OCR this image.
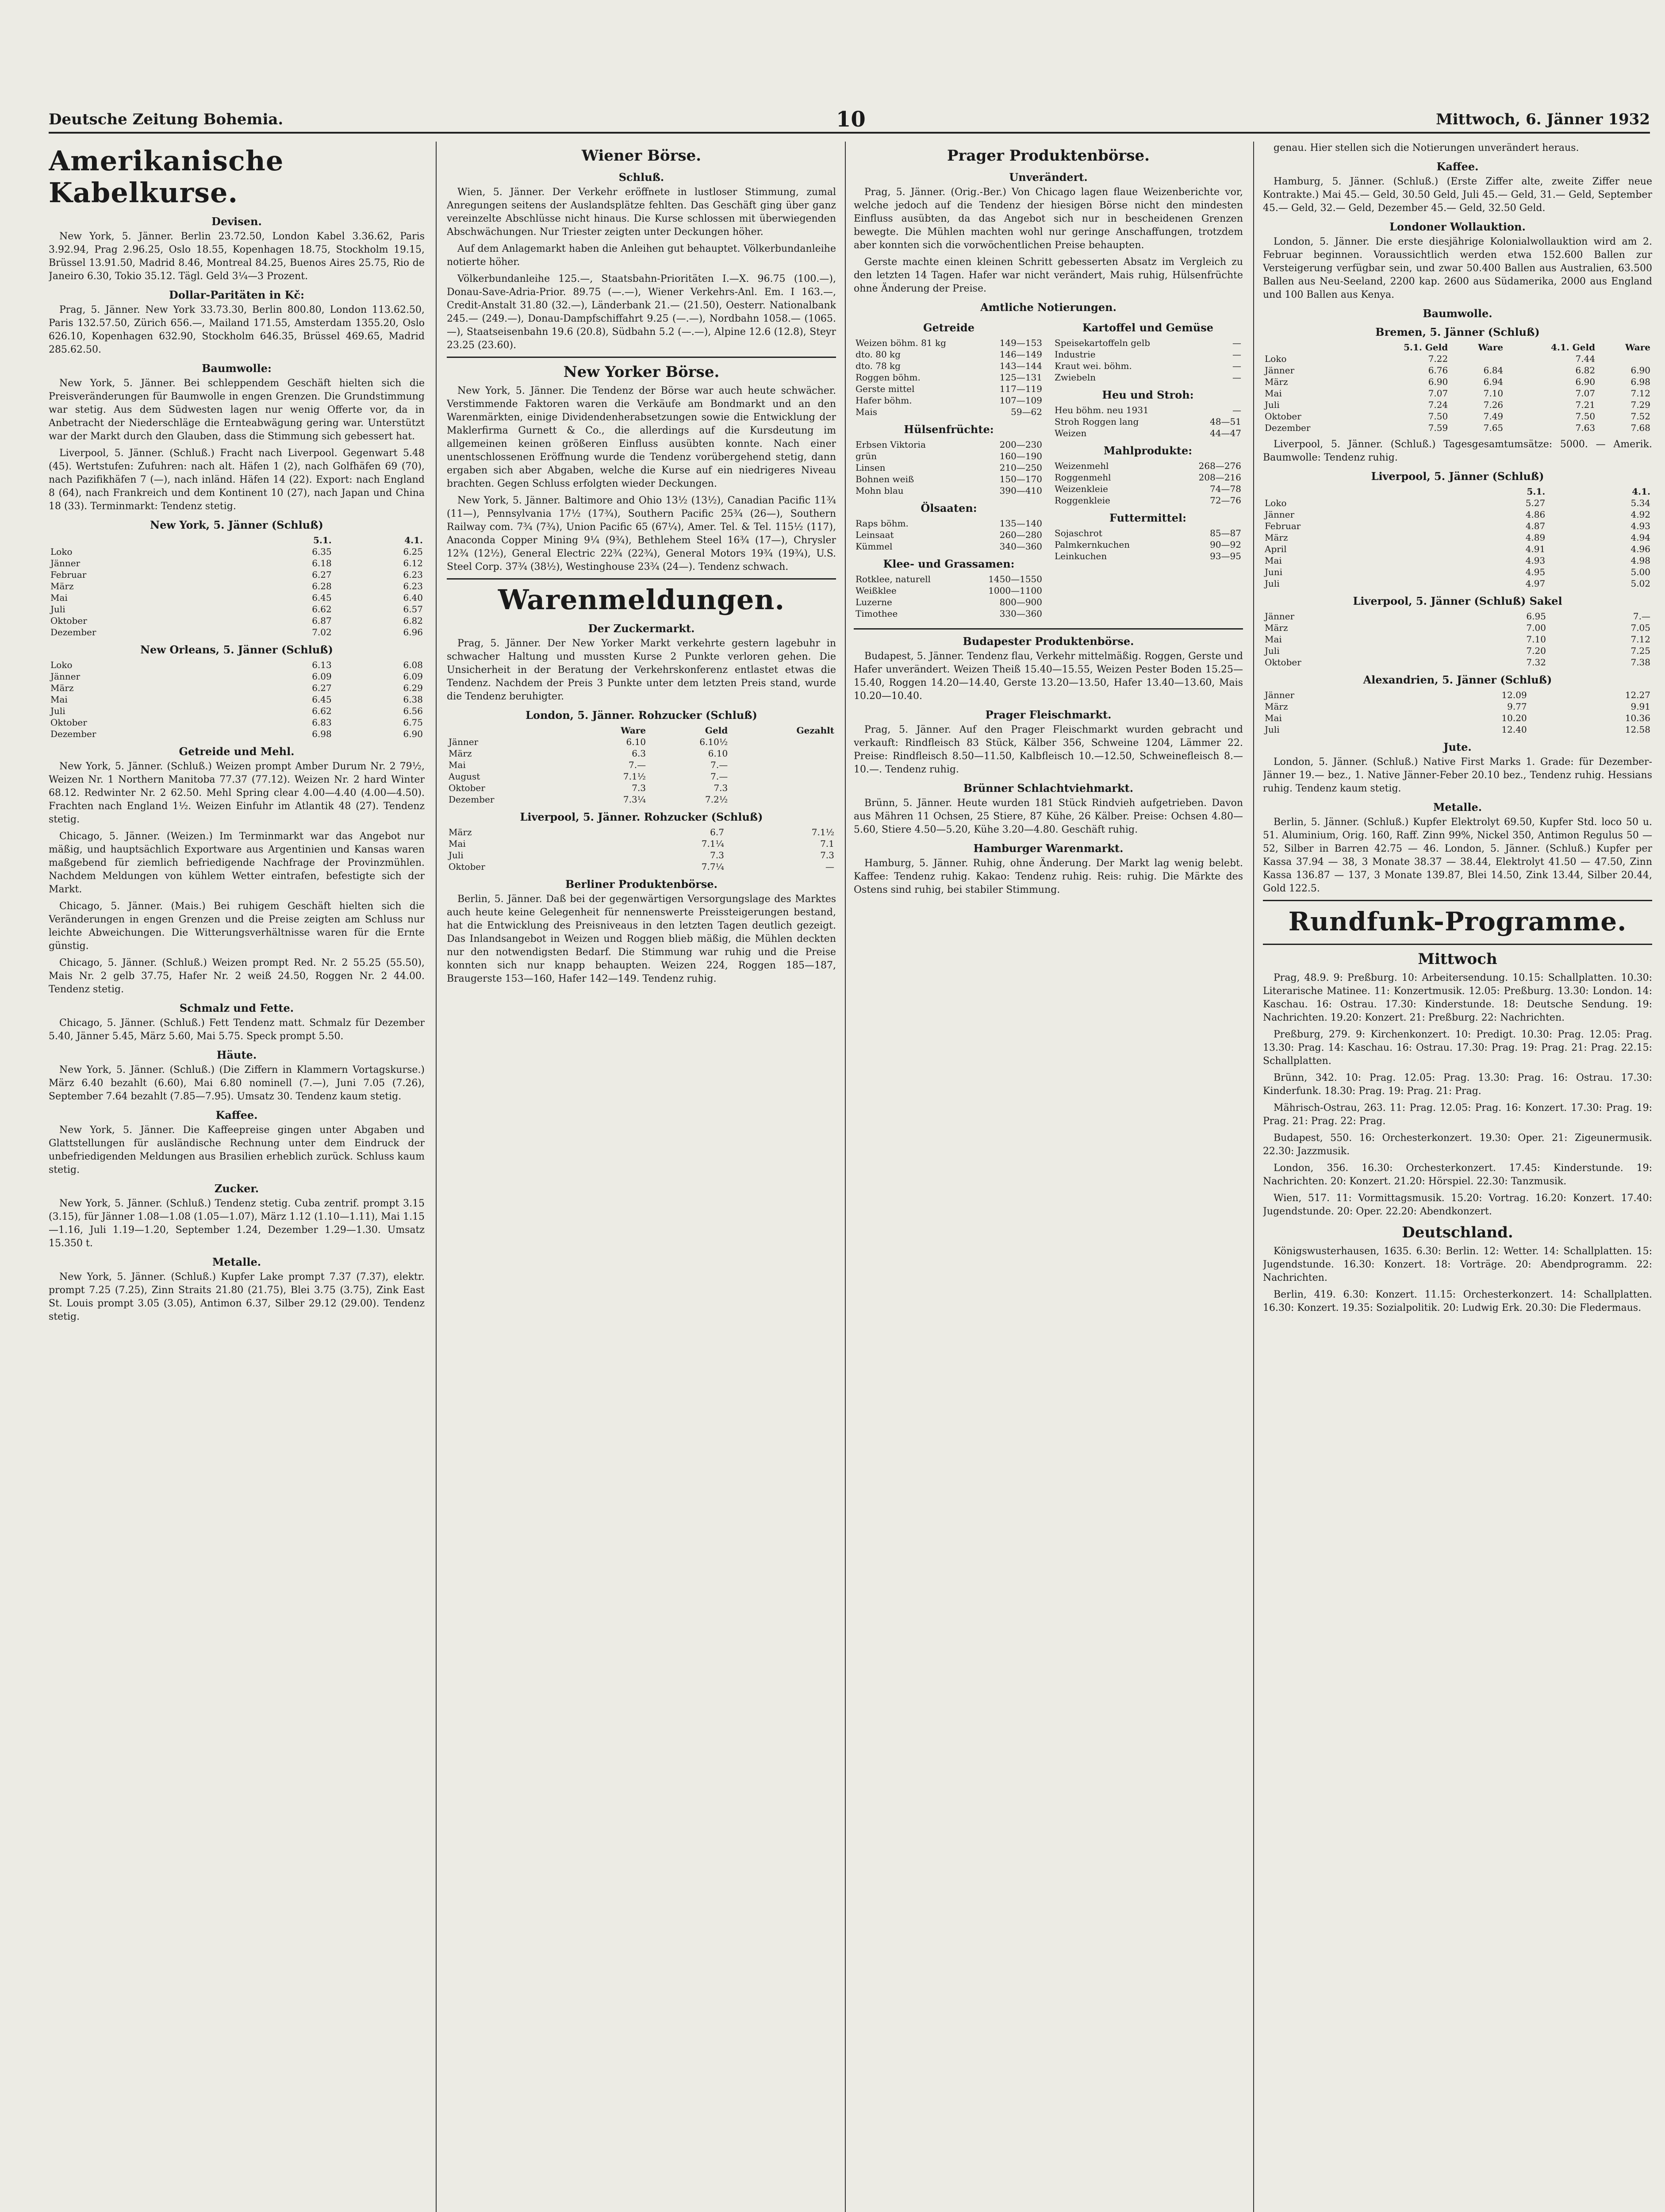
Deutsche Zeitung Bohemia.	10	Mittwoch, 6. Jänner 1932
Amerikanische Kabelkurse.
Devisen.

New York, 5. Jänner. Berlin 23.72.50, London Kabel 3.36.62, Paris 3.92.94, Prag 2.96.25, Oslo 18.55, Kopenhagen 18.75, Stockholm 19.15, Brüssel 13.91.50, Madrid 8.46, Montreal 84.25, Buenos Aires 25.75, Rio de Janeiro 6.30, Tokio 35.12. Tägl. Geld 3¼—3 Prozent.

Dollar-Paritäten in Kč:

Prag, 5. Jänner. New York 33.73.30, Berlin 800.80, London 113.62.50, Paris 132.57.50, Zürich 656.—, Mailand 171.55, Amsterdam 1355.20, Oslo 626.10, Kopenhagen 632.90, Stockholm 646.35, Brüssel 469.65, Madrid 285.62.50.

Baumwolle:

New York, 5. Jänner. Bei schleppendem Geschäft hielten sich die Preisveränderungen für Baumwolle in engen Grenzen. Die Grundstimmung war stetig. Aus dem Südwesten lagen nur wenig Offerte vor, da in Anbetracht der Niederschläge die Ernteabwägung gering war. Unterstützt war der Markt durch den Glauben, dass die Stimmung sich gebessert hat.

Liverpool, 5. Jänner. (Schluß.) Fracht nach Liverpool. Gegenwart 5.48 (45). Wertstufen: Zufuhren: nach alt. Häfen 1 (2), nach Golfhäfen 69 (70), nach Pazifikhäfen 7 (—), nach inländ. Häfen 14 (22). Export: nach England 8 (64), nach Frankreich und dem Kontinent 10 (27), nach Japan und China 18 (33). Terminmarkt: Tendenz stetig.

New York, 5. Jänner (Schluß)
	5.1.	4.1.
Loko	6.35	6.25
Jänner	6.18	6.12
Februar	6.27	6.23
März	6.28	6.23
Mai	6.45	6.40
Juli	6.62	6.57
Oktober	6.87	6.82
Dezember	7.02	6.96
New Orleans, 5. Jänner (Schluß)
Loko	6.13	6.08
Jänner	6.09	6.09
März	6.27	6.29
Mai	6.45	6.38
Juli	6.62	6.56
Oktober	6.83	6.75
Dezember	6.98	6.90
Getreide und Mehl.

New York, 5. Jänner. (Schluß.) Weizen prompt Amber Durum Nr. 2 79½, Weizen Nr. 1 Northern Manitoba 77.37 (77.12). Weizen Nr. 2 hard Winter 68.12. Redwinter Nr. 2 62.50. Mehl Spring clear 4.00—4.40 (4.00—4.50). Frachten nach England 1½. Weizen Einfuhr im Atlantik 48 (27). Tendenz stetig.

Chicago, 5. Jänner. (Weizen.) Im Terminmarkt war das Angebot nur mäßig, und hauptsächlich Exportware aus Argentinien und Kansas waren maßgebend für ziemlich befriedigende Nachfrage der Provinzmühlen. Nachdem Meldungen von kühlem Wetter eintrafen, befestigte sich der Markt.

Chicago, 5. Jänner. (Mais.) Bei ruhigem Geschäft hielten sich die Veränderungen in engen Grenzen und die Preise zeigten am Schluss nur leichte Abweichungen. Die Witterungsverhältnisse waren für die Ernte günstig.

Chicago, 5. Jänner. (Schluß.) Weizen prompt Red. Nr. 2 55.25 (55.50), Mais Nr. 2 gelb 37.75, Hafer Nr. 2 weiß 24.50, Roggen Nr. 2 44.00. Tendenz stetig.

Schmalz und Fette.

Chicago, 5. Jänner. (Schluß.) Fett Tendenz matt. Schmalz für Dezember 5.40, Jänner 5.45, März 5.60, Mai 5.75. Speck prompt 5.50.

Häute.

New York, 5. Jänner. (Schluß.) (Die Ziffern in Klammern Vortagskurse.) März 6.40 bezahlt (6.60), Mai 6.80 nominell (7.—), Juni 7.05 (7.26), September 7.64 bezahlt (7.85—7.95). Umsatz 30. Tendenz kaum stetig.

Kaffee.

New York, 5. Jänner. Die Kaffeepreise gingen unter Abgaben und Glattstellungen für ausländische Rechnung unter dem Eindruck der unbefriedigenden Meldungen aus Brasilien erheblich zurück. Schluss kaum stetig.

Zucker.

New York, 5. Jänner. (Schluß.) Tendenz stetig. Cuba zentrif. prompt 3.15 (3.15), für Jänner 1.08—1.08 (1.05—1.07), März 1.12 (1.10—1.11), Mai 1.15—1.16, Juli 1.19—1.20, September 1.24, Dezember 1.29—1.30. Umsatz 15.350 t.

Metalle.

New York, 5. Jänner. (Schluß.) Kupfer Lake prompt 7.37 (7.37), elektr. prompt 7.25 (7.25), Zinn Straits 21.80 (21.75), Blei 3.75 (3.75), Zink East St. Louis prompt 3.05 (3.05), Antimon 6.37, Silber 29.12 (29.00). Tendenz stetig.

Wiener Börse.
Schluß.

Wien, 5. Jänner. Der Verkehr eröffnete in lustloser Stimmung, zumal Anregungen seitens der Auslandsplätze fehlten. Das Geschäft ging über ganz vereinzelte Abschlüsse nicht hinaus. Die Kurse schlossen mit überwiegenden Abschwächungen. Nur Triester zeigten unter Deckungen höher.

Auf dem Anlagemarkt haben die Anleihen gut behauptet. Völkerbundanleihe notierte höher.

Völkerbundanleihe 125.—, Staatsbahn-Prioritäten I.—X. 96.75 (100.—), Donau-Save-Adria-Prior. 89.75 (—.—), Wiener Verkehrs-Anl. Em. I 163.—, Credit-Anstalt 31.80 (32.—), Länderbank 21.— (21.50), Oesterr. Nationalbank 245.— (249.—), Donau-Dampfschiffahrt 9.25 (—.—), Nordbahn 1058.— (1065.—), Staatseisenbahn 19.6 (20.8), Südbahn 5.2 (—.—), Alpine 12.6 (12.8), Steyr 23.25 (23.60).

New Yorker Börse.

New York, 5. Jänner. Die Tendenz der Börse war auch heute schwächer. Verstimmende Faktoren waren die Verkäufe am Bondmarkt und an den Warenmärkten, einige Dividendenherabsetzungen sowie die Entwicklung der Maklerfirma Gurnett & Co., die allerdings auf die Kursdeutung im allgemeinen keinen größeren Einfluss ausübten konnte. Nach einer unentschlossenen Eröffnung wurde die Tendenz vorübergehend stetig, dann ergaben sich aber Abgaben, welche die Kurse auf ein niedrigeres Niveau brachten. Gegen Schluss erfolgten wieder Deckungen.

New York, 5. Jänner. Baltimore and Ohio 13½ (13½), Canadian Pacific 11¾ (11—), Pennsylvania 17½ (17¾), Southern Pacific 25¾ (26—), Southern Railway com. 7¾ (7¾), Union Pacific 65 (67¼), Amer. Tel. & Tel. 115½ (117), Anaconda Copper Mining 9¼ (9¾), Bethlehem Steel 16¾ (17—), Chrysler 12¾ (12½), General Electric 22¾ (22¾), General Motors 19¾ (19¾), U.S. Steel Corp. 37¾ (38½), Westinghouse 23¾ (24—). Tendenz schwach.

Warenmeldungen.
Der Zuckermarkt.

Prag, 5. Jänner. Der New Yorker Markt verkehrte gestern lagebuhr in schwacher Haltung und mussten Kurse 2 Punkte verloren gehen. Die Unsicherheit in der Beratung der Verkehrskonferenz entlastet etwas die Tendenz. Nachdem der Preis 3 Punkte unter dem letzten Preis stand, wurde die Tendenz beruhigter.

London, 5. Jänner. Rohzucker (Schluß)
	Ware	Geld	Gezahlt
Jänner	6.10	6.10½	
März	6.3	6.10	
Mai	7.—	7.—	
August	7.1½	7.—	
Oktober	7.3	7.3	
Dezember	7.3¼	7.2½	
Liverpool, 5. Jänner. Rohzucker (Schluß)
März	6.7	7.1½
Mai	7.1¼	7.1
Juli	7.3	7.3
Oktober	7.7¼	—
Berliner Produktenbörse.

Berlin, 5. Jänner. Daß bei der gegenwärtigen Versorgungslage des Marktes auch heute keine Gelegenheit für nennenswerte Preissteigerungen bestand, hat die Entwicklung des Preisniveaus in den letzten Tagen deutlich gezeigt. Das Inlandsangebot in Weizen und Roggen blieb mäßig, die Mühlen deckten nur den notwendigsten Bedarf. Die Stimmung war ruhig und die Preise konnten sich nur knapp behaupten. Weizen 224, Roggen 185—187, Braugerste 153—160, Hafer 142—149. Tendenz ruhig.

Prager Produktenbörse.
Unverändert.

Prag, 5. Jänner. (Orig.-Ber.) Von Chicago lagen flaue Weizenberichte vor, welche jedoch auf die Tendenz der hiesigen Börse nicht den mindesten Einfluss ausübten, da das Angebot sich nur in bescheidenen Grenzen bewegte. Die Mühlen machten wohl nur geringe Anschaffungen, trotzdem aber konnten sich die vorwöchentlichen Preise behaupten.

Gerste machte einen kleinen Schritt gebesserten Absatz im Vergleich zu den letzten 14 Tagen. Hafer war nicht verändert, Mais ruhig, Hülsenfrüchte ohne Änderung der Preise.

Amtliche Notierungen.
Getreide
Weizen böhm. 81 kg	149—153
dto. 80 kg	146—149
dto. 78 kg	143—144
Roggen böhm.	125—131
Gerste mittel	117—119
Hafer böhm.	107—109
Mais	59—62
Hülsenfrüchte:
Erbsen Viktoria	200—230
grün	160—190
Linsen	210—250
Bohnen weiß	150—170
Mohn blau	390—410
Ölsaaten:
Raps böhm.	135—140
Leinsaat	260—280
Kümmel	340—360
Klee- und Grassamen:
Rotklee, naturell	1450—1550
Weißklee	1000—1100
Luzerne	800—900
Timothee	330—360
Kartoffel und Gemüse
Speisekartoffeln gelb	—
Industrie	—
Kraut wei. böhm.	—
Zwiebeln	—
Heu und Stroh:
Heu böhm. neu 1931	—
Stroh Roggen lang	48—51
Weizen	44—47
Mahlprodukte:
Weizenmehl	268—276
Roggenmehl	208—216
Weizenkleie	74—78
Roggenkleie	72—76
Futtermittel:
Sojaschrot	85—87
Palmkernkuchen	90—92
Leinkuchen	93—95
Budapester Produktenbörse.

Budapest, 5. Jänner. Tendenz flau, Verkehr mittelmäßig. Roggen, Gerste und Hafer unverändert. Weizen Theiß 15.40—15.55, Weizen Pester Boden 15.25—15.40, Roggen 14.20—14.40, Gerste 13.20—13.50, Hafer 13.40—13.60, Mais 10.20—10.40.

Prager Fleischmarkt.

Prag, 5. Jänner. Auf den Prager Fleischmarkt wurden gebracht und verkauft: Rindfleisch 83 Stück, Kälber 356, Schweine 1204, Lämmer 22. Preise: Rindfleisch 8.50—11.50, Kalbfleisch 10.—12.50, Schweinefleisch 8.—10.—. Tendenz ruhig.

Brünner Schlachtviehmarkt.

Brünn, 5. Jänner. Heute wurden 181 Stück Rindvieh aufgetrieben. Davon aus Mähren 11 Ochsen, 25 Stiere, 87 Kühe, 26 Kälber. Preise: Ochsen 4.80—5.60, Stiere 4.50—5.20, Kühe 3.20—4.80. Geschäft ruhig.

Hamburger Warenmarkt.

Hamburg, 5. Jänner. Ruhig, ohne Änderung. Der Markt lag wenig belebt. Kaffee: Tendenz ruhig. Kakao: Tendenz ruhig. Reis: ruhig. Die Märkte des Ostens sind ruhig, bei stabiler Stimmung.

genau. Hier stellen sich die Notierungen unverändert heraus.

Kaffee.

Hamburg, 5. Jänner. (Schluß.) (Erste Ziffer alte, zweite Ziffer neue Kontrakte.) Mai 45.— Geld, 30.50 Geld, Juli 45.— Geld, 31.— Geld, September 45.— Geld, 32.— Geld, Dezember 45.— Geld, 32.50 Geld.

Londoner Wollauktion.

London, 5. Jänner. Die erste diesjährige Kolonialwollauktion wird am 2. Februar beginnen. Voraussichtlich werden etwa 152.600 Ballen zur Versteigerung verfügbar sein, und zwar 50.400 Ballen aus Australien, 63.500 Ballen aus Neu-Seeland, 2200 kap. 2600 aus Südamerika, 2000 aus England und 100 Ballen aus Kenya.

Baumwolle.
Bremen, 5. Jänner (Schluß)
	5.1. Geld	Ware	4.1. Geld	Ware
Loko	7.22		7.44	
Jänner	6.76	6.84	6.82	6.90
März	6.90	6.94	6.90	6.98
Mai	7.07	7.10	7.07	7.12
Juli	7.24	7.26	7.21	7.29
Oktober	7.50	7.49	7.50	7.52
Dezember	7.59	7.65	7.63	7.68

Liverpool, 5. Jänner. (Schluß.) Tagesgesamtumsätze: 5000. — Amerik. Baumwolle: Tendenz ruhig.

Liverpool, 5. Jänner (Schluß)
	5.1.	4.1.
Loko	5.27	5.34
Jänner	4.86	4.92
Februar	4.87	4.93
März	4.89	4.94
April	4.91	4.96
Mai	4.93	4.98
Juni	4.95	5.00
Juli	4.97	5.02
Liverpool, 5. Jänner (Schluß) Sakel
Jänner	6.95	7.—
März	7.00	7.05
Mai	7.10	7.12
Juli	7.20	7.25
Oktober	7.32	7.38
Alexandrien, 5. Jänner (Schluß)
Jänner	12.09	12.27
März	9.77	9.91
Mai	10.20	10.36
Juli	12.40	12.58
Jute.

London, 5. Jänner. (Schluß.) Native First Marks 1. Grade: für Dezember-Jänner 19.— bez., 1. Native Jänner-Feber 20.10 bez., Tendenz ruhig. Hessians ruhig. Tendenz kaum stetig.

Metalle.

Berlin, 5. Jänner. (Schluß.) Kupfer Elektrolyt 69.50, Kupfer Std. loco 50 u. 51. Aluminium, Orig. 160, Raff. Zinn 99%, Nickel 350, Antimon Regulus 50 — 52, Silber in Barren 42.75 — 46. London, 5. Jänner. (Schluß.) Kupfer per Kassa 37.94 — 38, 3 Monate 38.37 — 38.44, Elektrolyt 41.50 — 47.50, Zinn Kassa 136.87 — 137, 3 Monate 139.87, Blei 14.50, Zink 13.44, Silber 20.44, Gold 122.5.

Rundfunk-Programme.
Mittwoch

Prag, 48.9. 9: Preßburg. 10: Arbeitersendung. 10.15: Schallplatten. 10.30: Literarische Matinee. 11: Konzertmusik. 12.05: Preßburg. 13.30: London. 14: Kaschau. 16: Ostrau. 17.30: Kinderstunde. 18: Deutsche Sendung. 19: Nachrichten. 19.20: Konzert. 21: Preßburg. 22: Nachrichten.

Preßburg, 279. 9: Kirchenkonzert. 10: Predigt. 10.30: Prag. 12.05: Prag. 13.30: Prag. 14: Kaschau. 16: Ostrau. 17.30: Prag. 19: Prag. 21: Prag. 22.15: Schallplatten.

Brünn, 342. 10: Prag. 12.05: Prag. 13.30: Prag. 16: Ostrau. 17.30: Kinderfunk. 18.30: Prag. 19: Prag. 21: Prag.

Mährisch-Ostrau, 263. 11: Prag. 12.05: Prag. 16: Konzert. 17.30: Prag. 19: Prag. 21: Prag. 22: Prag.

Budapest, 550. 16: Orchesterkonzert. 19.30: Oper. 21: Zigeunermusik. 22.30: Jazzmusik.

London, 356. 16.30: Orchesterkonzert. 17.45: Kinderstunde. 19: Nachrichten. 20: Konzert. 21.20: Hörspiel. 22.30: Tanzmusik.

Wien, 517. 11: Vormittagsmusik. 15.20: Vortrag. 16.20: Konzert. 17.40: Jugendstunde. 20: Oper. 22.20: Abendkonzert.

Deutschland.

Königswusterhausen, 1635. 6.30: Berlin. 12: Wetter. 14: Schallplatten. 15: Jugendstunde. 16.30: Konzert. 18: Vorträge. 20: Abendprogramm. 22: Nachrichten.

Berlin, 419. 6.30: Konzert. 11.15: Orchesterkonzert. 14: Schallplatten. 16.30: Konzert. 19.35: Sozialpolitik. 20: Ludwig Erk. 20.30: Die Fledermaus.
